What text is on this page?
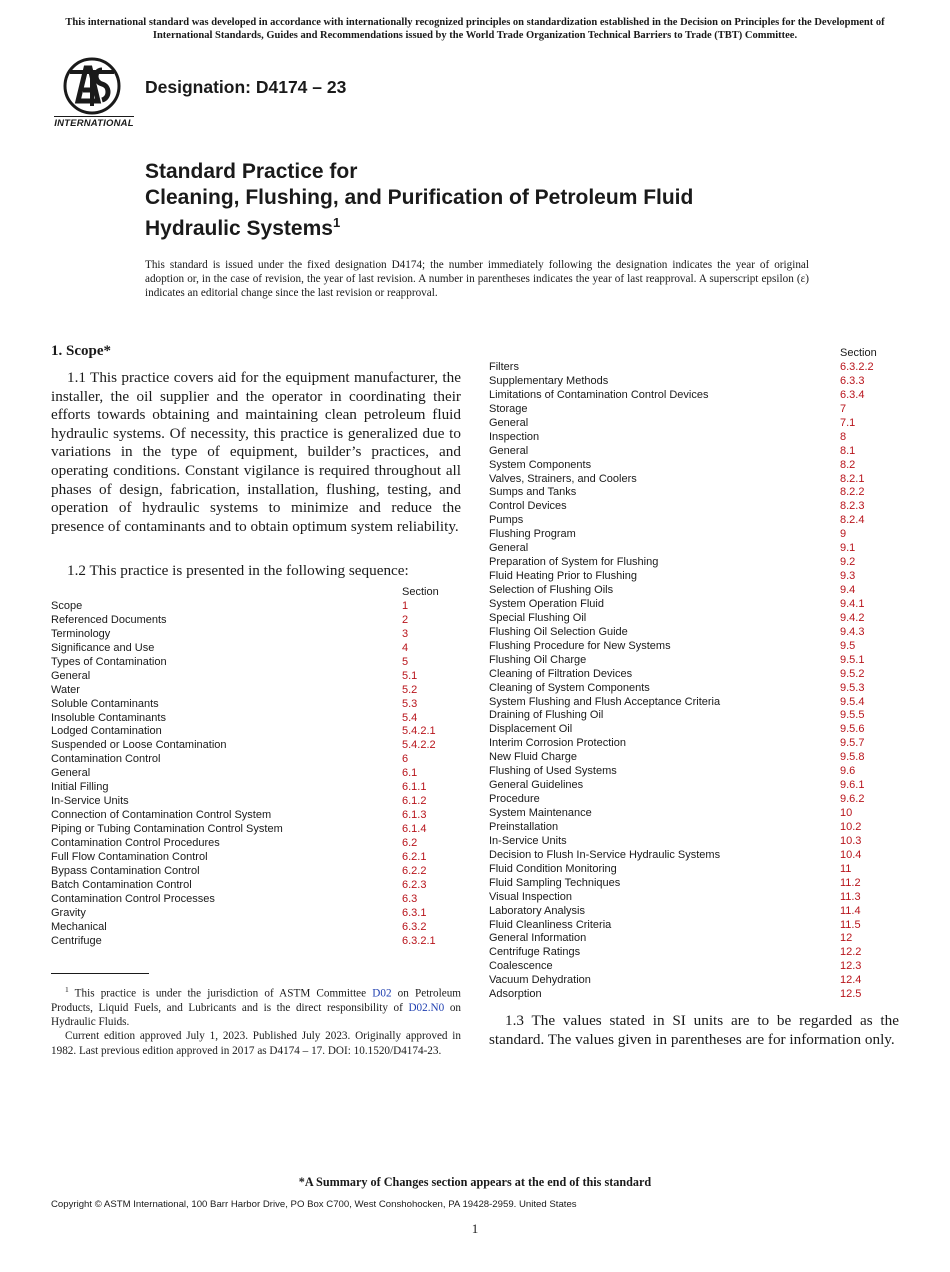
This international standard was developed in accordance with internationally recognized principles on standardization established in the Decision on Principles for the Development of International Standards, Guides and Recommendations issued by the World Trade Organization Technical Barriers to Trade (TBT) Committee.
INTERNATIONAL
Designation: D4174 – 23
Standard Practice for
Cleaning, Flushing, and Purification of Petroleum Fluid
Hydraulic Systems$^1$
This standard is issued under the fixed designation D4174; the number immediately following the designation indicates the year of original adoption or, in the case of revision, the year of last revision. A number in parentheses indicates the year of last reapproval. A superscript epsilon (ε) indicates an editorial change since the last revision or reapproval.
1. Scope*
1.1 This practice covers aid for the equipment manufacturer, the installer, the oil supplier and the operator in coordinating their efforts towards obtaining and maintaining clean petroleum fluid hydraulic systems. Of necessity, this practice is generalized due to variations in the type of equipment, builder’s practices, and operating conditions. Constant vigilance is required throughout all phases of design, fabrication, installation, flushing, testing, and operation of hydraulic systems to minimize and reduce the presence of contaminants and to obtain optimum system reliability.
1.2 This practice is presented in the following sequence:
Section
Scope	1
Referenced Documents	2
Terminology	3
Significance and Use	4
Types of Contamination	5
General	5.1
Water	5.2
Soluble Contaminants	5.3
Insoluble Contaminants	5.4
Lodged Contamination	5.4.2.1
Suspended or Loose Contamination	5.4.2.2
Contamination Control	6
General	6.1
Initial Filling	6.1.1
In-Service Units	6.1.2
Connection of Contamination Control System	6.1.3
Piping or Tubing Contamination Control System	6.1.4
Contamination Control Procedures	6.2
Full Flow Contamination Control	6.2.1
Bypass Contamination Control	6.2.2
Batch Contamination Control	6.2.3
Contamination Control Processes	6.3
Gravity	6.3.1
Mechanical	6.3.2
Centrifuge	6.3.2.1
Section
Filters	6.3.2.2
Supplementary Methods	6.3.3
Limitations of Contamination Control Devices	6.3.4
Storage	7
General	7.1
Inspection	8
General	8.1
System Components	8.2
Valves, Strainers, and Coolers	8.2.1
Sumps and Tanks	8.2.2
Control Devices	8.2.3
Pumps	8.2.4
Flushing Program	9
General	9.1
Preparation of System for Flushing	9.2
Fluid Heating Prior to Flushing	9.3
Selection of Flushing Oils	9.4
System Operation Fluid	9.4.1
Special Flushing Oil	9.4.2
Flushing Oil Selection Guide	9.4.3
Flushing Procedure for New Systems	9.5
Flushing Oil Charge	9.5.1
Cleaning of Filtration Devices	9.5.2
Cleaning of System Components	9.5.3
System Flushing and Flush Acceptance Criteria	9.5.4
Draining of Flushing Oil	9.5.5
Displacement Oil	9.5.6
Interim Corrosion Protection	9.5.7
New Fluid Charge	9.5.8
Flushing of Used Systems	9.6
General Guidelines	9.6.1
Procedure	9.6.2
System Maintenance	10
Preinstallation	10.2
In-Service Units	10.3
Decision to Flush In-Service Hydraulic Systems	10.4
Fluid Condition Monitoring	11
Fluid Sampling Techniques	11.2
Visual Inspection	11.3
Laboratory Analysis	11.4
Fluid Cleanliness Criteria	11.5
General Information	12
Centrifuge Ratings	12.2
Coalescence	12.3
Vacuum Dehydration	12.4
Adsorption	12.5
1.3 The values stated in SI units are to be regarded as the standard. The values given in parentheses are for information only.

$^1$ This practice is under the jurisdiction of ASTM Committee D02 on Petroleum Products, Liquid Fuels, and Lubricants and is the direct responsibility of D02.N0 on Hydraulic Fluids.

Current edition approved July 1, 2023. Published July 2023. Originally approved in 1982. Last previous edition approved in 2017 as D4174 – 17. DOI: 10.1520/D4174-23.

*A Summary of Changes section appears at the end of this standard
Copyright © ASTM International, 100 Barr Harbor Drive, PO Box C700, West Conshohocken, PA 19428-2959. United States
1
